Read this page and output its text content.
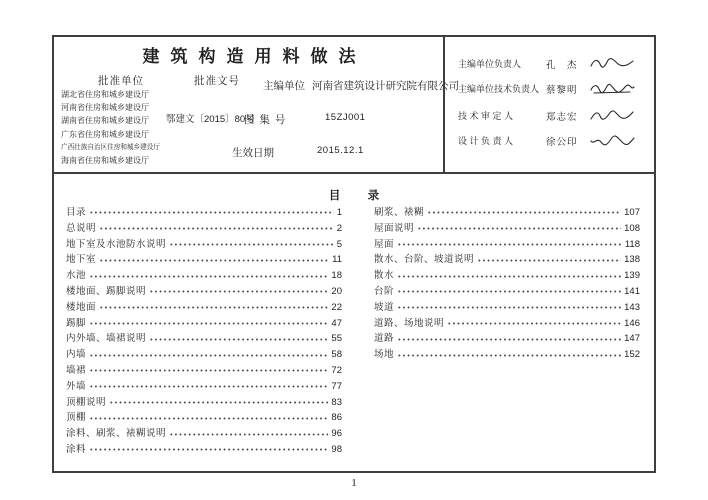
建筑构造用料做法
批准单位	批准文号
湖北省住房和城乡建设厅
河南省住房和城乡建设厅
湖南省住房和城乡建设厅
广东省住房和城乡建设厅
广西壮族自治区住房和城乡建设厅
海南省住房和城乡建设厅
主编单位 河南省建筑设计研究院有限公司
鄂建文〔2015〕80号
图 集 号	15ZJ001
生效日期	2015.12.1
主编单位负责人	孔　杰
主编单位技术负责人 蔡黎明
技 术 审 定 人	郑志宏
设 计 负 责 人	徐公印
目 录
目录	1
总说明	2
地下室及水池防水说明	5
地下室	11
水池	18
楼地面、踢脚说明	20
楼地面	22
踢脚	47
内外墙、墙裙说明	55
内墙	58
墙裙	72
外墙	77
顶棚说明	83
顶棚	86
涂料、刷浆、裱糊说明	96
涂料	98
刷浆、裱糊	107
屋面说明	108
屋面	118
散水、台阶、坡道说明	138
散水	139
台阶	141
坡道	143
道路、场地说明	146
道路	147
场地	152
1
